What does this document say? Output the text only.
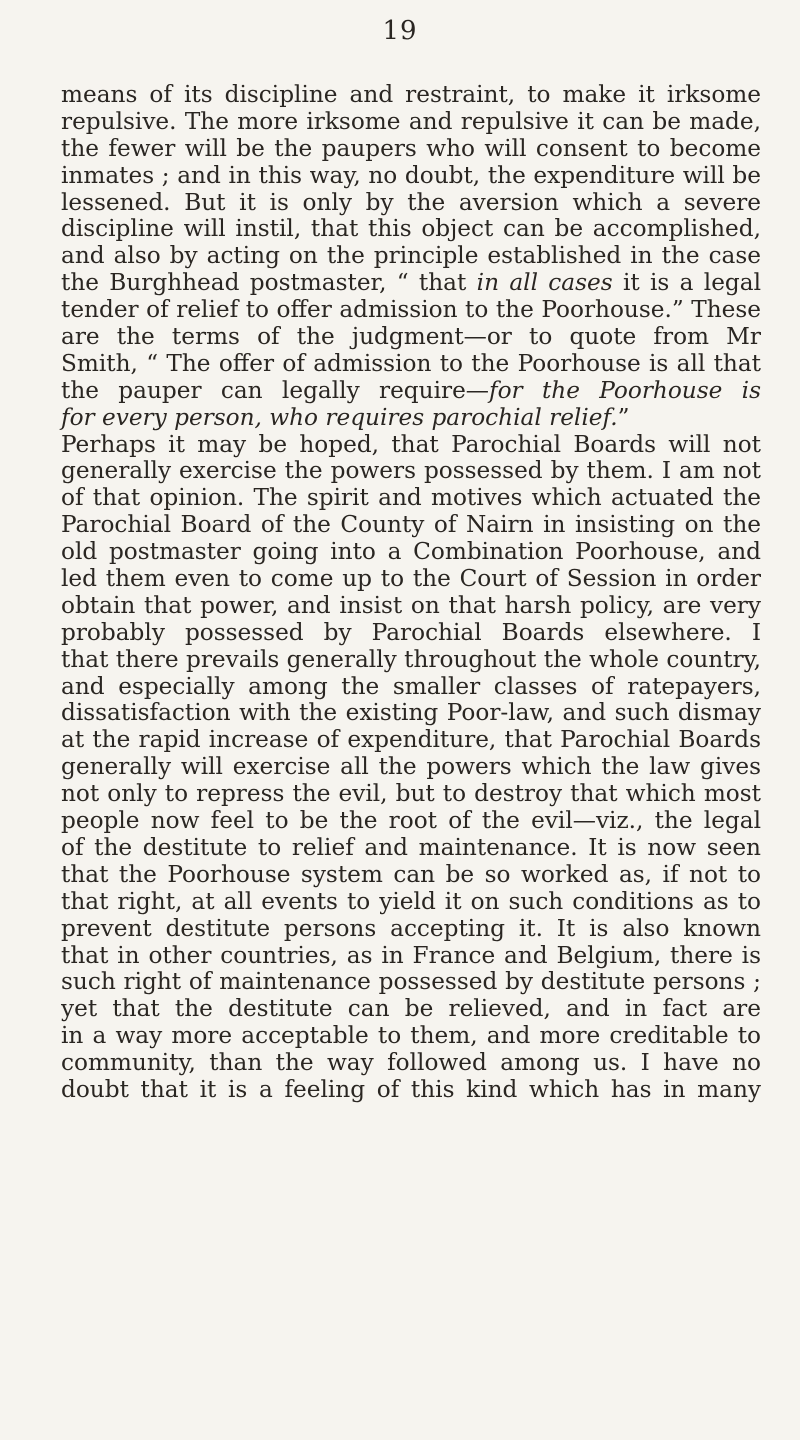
19
means of its discipline and restraint, to make it irksome
repulsive. The more irksome and repulsive it can be made,
the fewer will be the paupers who will consent to become
inmates ; and in this way, no doubt, the expenditure will be
lessened. But it is only by the aversion which a severe
discipline will instil, that this object can be accomplished,
and also by acting on the principle established in the case
the Burghhead postmaster, “ that in all cases it is a legal
tender of relief to offer admission to the Poorhouse.” These
are the terms of the judgment—or to quote from Mr
Smith, “ The offer of admission to the Poorhouse is all that
the pauper can legally require—for the Poorhouse is
for every person, who requires parochial relief.”
Perhaps it may be hoped, that Parochial Boards will not
generally exercise the powers possessed by them. I am not
of that opinion. The spirit and motives which actuated the
Parochial Board of the County of Nairn in insisting on the
old postmaster going into a Combination Poorhouse, and
led them even to come up to the Court of Session in order
obtain that power, and insist on that harsh policy, are very
probably possessed by Parochial Boards elsewhere. I
that there prevails generally throughout the whole country,
and especially among the smaller classes of ratepayers,
dissatisfaction with the existing Poor-law, and such dismay
at the rapid increase of expenditure, that Parochial Boards
generally will exercise all the powers which the law gives
not only to repress the evil, but to destroy that which most
people now feel to be the root of the evil—viz., the legal
of the destitute to relief and maintenance. It is now seen
that the Poorhouse system can be so worked as, if not to
that right, at all events to yield it on such conditions as to
prevent destitute persons accepting it. It is also known
that in other countries, as in France and Belgium, there is
such right of maintenance possessed by destitute persons ;
yet that the destitute can be relieved, and in fact are
in a way more acceptable to them, and more creditable to
community, than the way followed among us. I have no
doubt that it is a feeling of this kind which has in many
